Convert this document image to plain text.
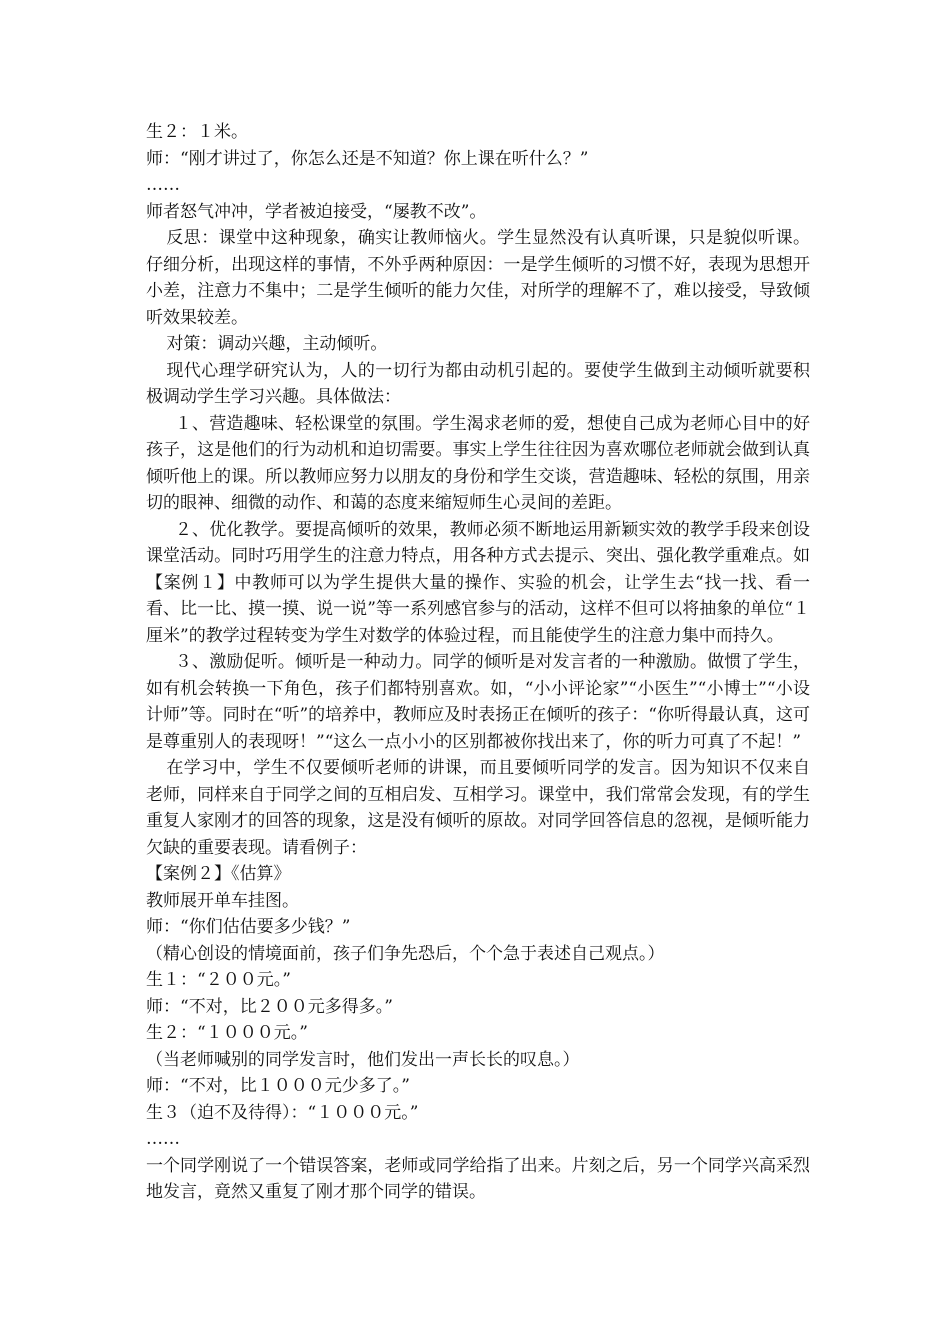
生２：１米。

师：“刚才讲过了，你怎么还是不知道？你上课在听什么？”

……

师者怒气冲冲，学者被迫接受，“屡教不改”。

反思：课堂中这种现象，确实让教师恼火。学生显然没有认真听课，只是貌似听课。仔细分析，出现这样的事情，不外乎两种原因：一是学生倾听的习惯不好，表现为思想开小差，注意力不集中；二是学生倾听的能力欠佳，对所学的理解不了，难以接受，导致倾听效果较差。

对策：调动兴趣，主动倾听。

现代心理学研究认为，人的一切行为都由动机引起的。要使学生做到主动倾听就要积极调动学生学习兴趣。具体做法：

１、营造趣味、轻松课堂的氛围。学生渴求老师的爱，想使自己成为老师心目中的好孩子，这是他们的行为动机和迫切需要。事实上学生往往因为喜欢哪位老师就会做到认真倾听他上的课。所以教师应努力以朋友的身份和学生交谈，营造趣味、轻松的氛围，用亲切的眼神、细微的动作、和蔼的态度来缩短师生心灵间的差距。

２、优化教学。要提高倾听的效果，教师必须不断地运用新颖实效的教学手段来创设课堂活动。同时巧用学生的注意力特点，用各种方式去提示、突出、强化教学重难点。如【案例１】中教师可以为学生提供大量的操作、实验的机会，让学生去“找一找、看一看、比一比、摸一摸、说一说”等一系列感官参与的活动，这样不但可以将抽象的单位“１厘米”的教学过程转变为学生对数学的体验过程，而且能使学生的注意力集中而持久。

３、激励促听。倾听是一种动力。同学的倾听是对发言者的一种激励。做惯了学生，如有机会转换一下角色，孩子们都特别喜欢。如，“小小评论家”“小医生”“小博士”“小设计师”等。同时在“听”的培养中，教师应及时表扬正在倾听的孩子：“你听得最认真，这可是尊重别人的表现呀！”“这么一点小小的区别都被你找出来了，你的听力可真了不起！”

在学习中，学生不仅要倾听老师的讲课，而且要倾听同学的发言。因为知识不仅来自老师，同样来自于同学之间的互相启发、互相学习。课堂中，我们常常会发现，有的学生重复人家刚才的回答的现象，这是没有倾听的原故。对同学回答信息的忽视，是倾听能力欠缺的重要表现。请看例子：

【案例２】《估算》

教师展开单车挂图。

师：“你们估估要多少钱？”

（精心创设的情境面前，孩子们争先恐后，个个急于表述自己观点。）

生１：“２００元。”

师：“不对，比２００元多得多。”

生２：“１０００元。”

（当老师喊别的同学发言时，他们发出一声长长的叹息。）

师：“不对，比１０００元少多了。”

生３（迫不及待得）：“１０００元。”

……

一个同学刚说了一个错误答案，老师或同学给指了出来。片刻之后，另一个同学兴高采烈地发言，竟然又重复了刚才那个同学的错误。
